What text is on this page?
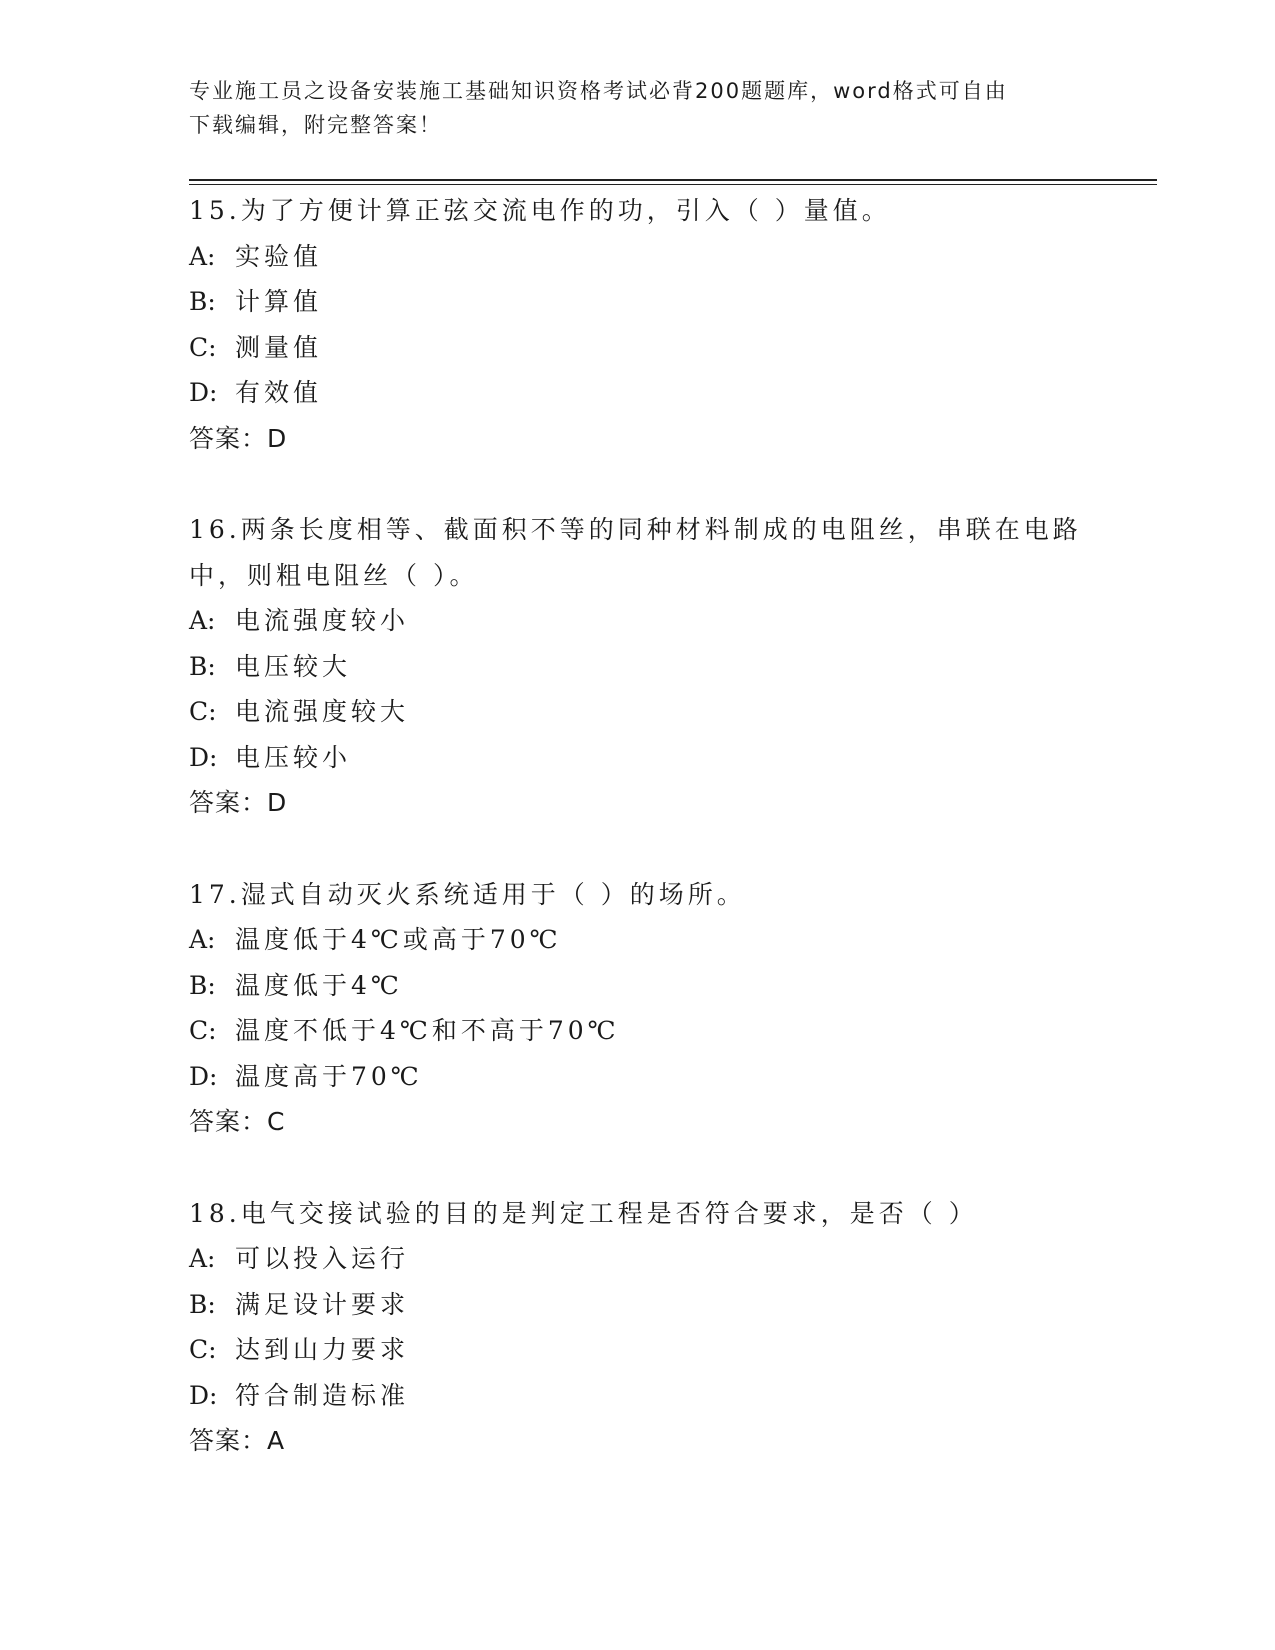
专业施工员之设备安装施工基础知识资格考试必背200题题库，word格式可自由
下载编辑，附完整答案！

15.为了方便计算正弦交流电作的功，引入（ ）量值。

A: 实验值

B: 计算值

C: 测量值

D: 有效值

答案：D

16.两条长度相等、截面积不等的同种材料制成的电阻丝，串联在电路中，则粗电阻丝（ ）。

A: 电流强度较小

B: 电压较大

C: 电流强度较大

D: 电压较小

答案：D

17.湿式自动灭火系统适用于（ ）的场所。

A: 温度低于4℃或高于70℃

B: 温度低于4℃

C: 温度不低于4℃和不高于70℃

D: 温度高于70℃

答案：C

18.电气交接试验的目的是判定工程是否符合要求，是否（ ）

A: 可以投入运行

B: 满足设计要求

C: 达到山力要求

D: 符合制造标准

答案：A
